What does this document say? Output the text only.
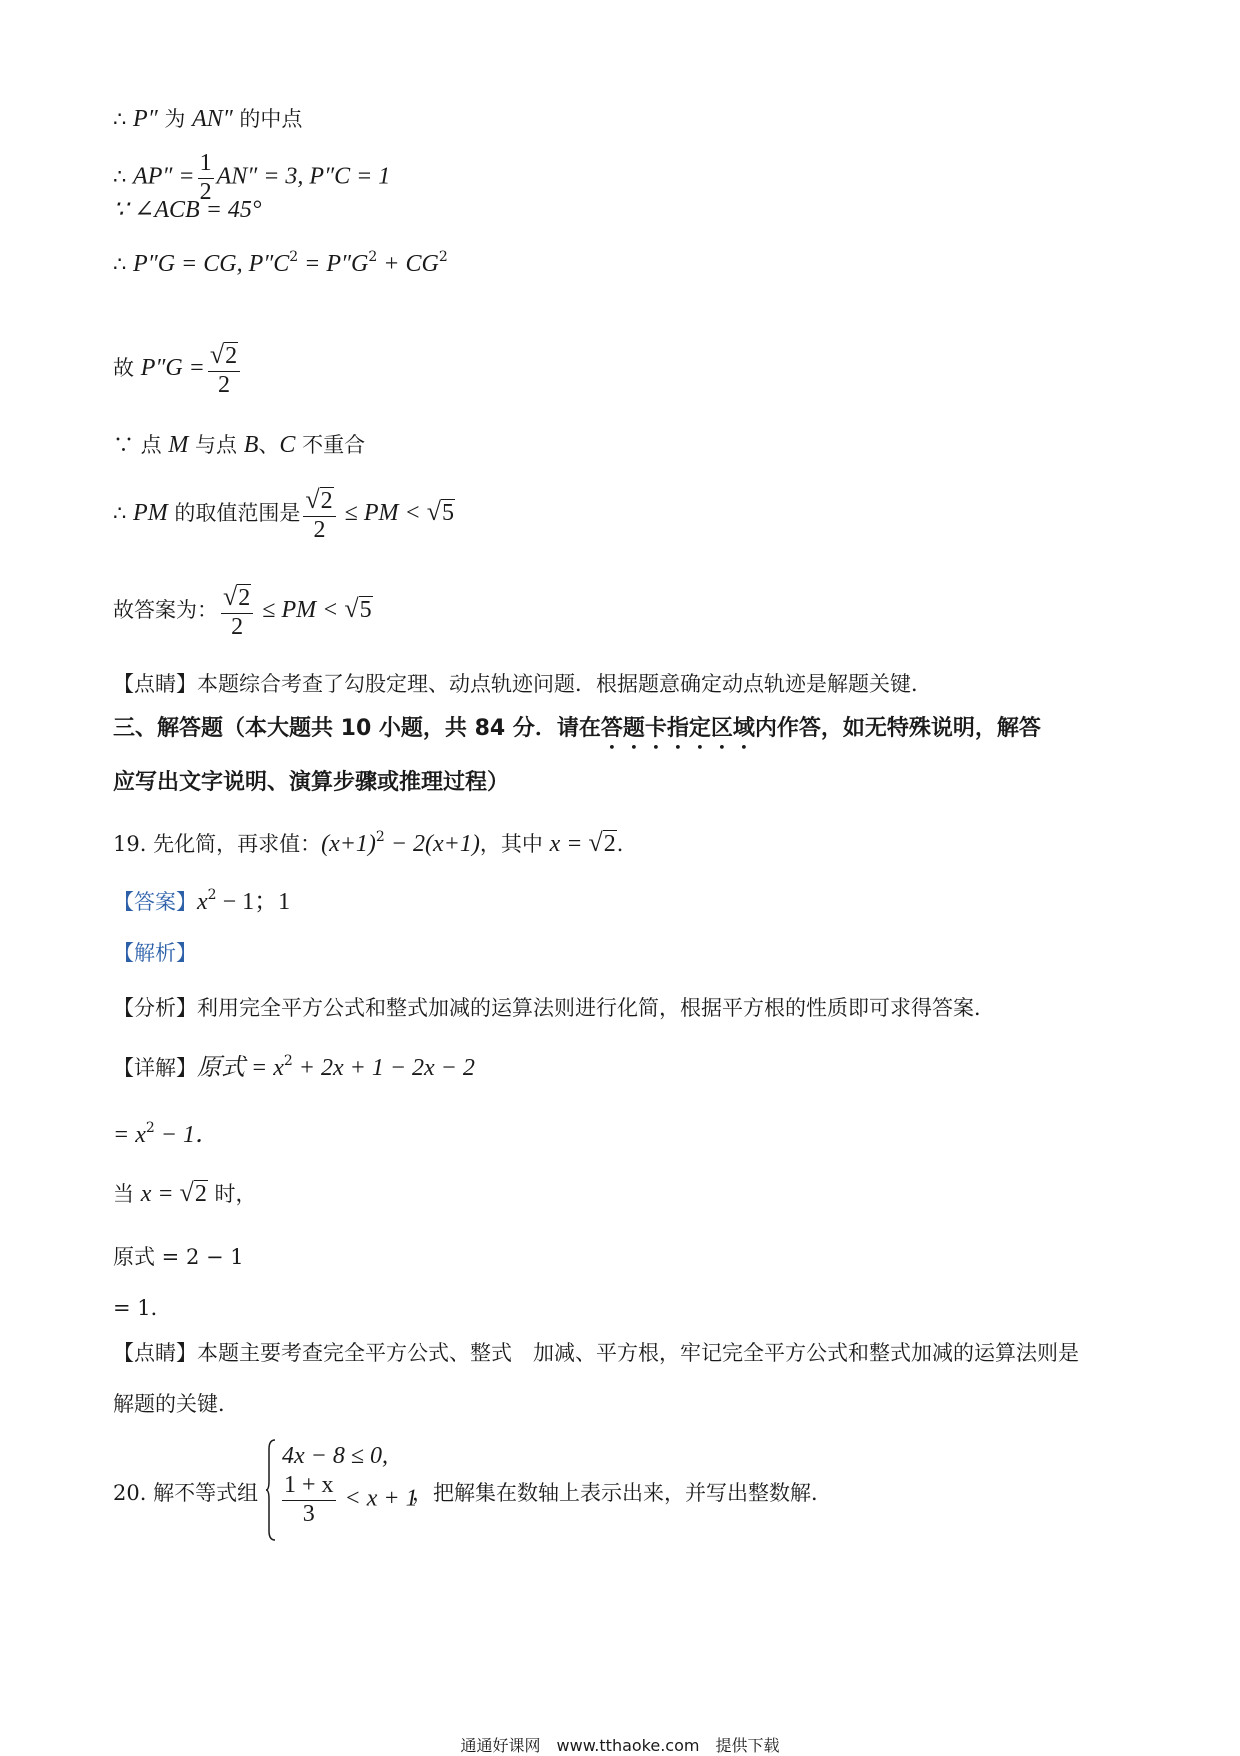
∴ P″ 为 AN″ 的中点
∴ $AP'' = \frac{1}{2} AN'' = 3$, P″C = 1
∵ ∠ACB = 45°
∴ P″G = CG, $P''C^2 = P''G^2 + CG^2$
故 $P''G = \frac{√2}{2}$
∵ 点 M 与点 B、C 不重合
∴ PM 的取值范围是 $\frac{√2}{2}$ ≤ PM < √5
故答案为： $\frac{√2}{2}$ ≤ PM < √5
【点睛】本题综合考查了勾股定理、动点轨迹问题．根据题意确定动点轨迹是解题关键．
三、解答题（本大题共 10 小题，共 84 分．请在答题卡指定区域内作答，如无特殊说明，解答
应写出文字说明、演算步骤或推理过程）
19. 先化简，再求值：$(x+1)^2 - 2(x+1)$，其中 x = √2．
【答案】$x^2 - 1$；1
【解析】
【分析】利用完全平方公式和整式加减的运算法则进行化简，根据平方根的性质即可求得答案．
【详解】原式 = $x^2 + 2x + 1 - 2x - 2$
= $x^2 - 1$．
当 x = √2 时，
原式 = 2 − 1
= 1．
【点睛】本题主要考查完全平方公式、整式　加减、平方根，牢记完全平方公式和整式加减的运算法则是
解题的关键．
20. 解不等式组
4x − 8 ≤ 0,
$\frac{1 + x}{3} < x + 1$
，把解集在数轴上表示出来，并写出整数解．
通通好课网　www.tthaoke.com　提供下载
